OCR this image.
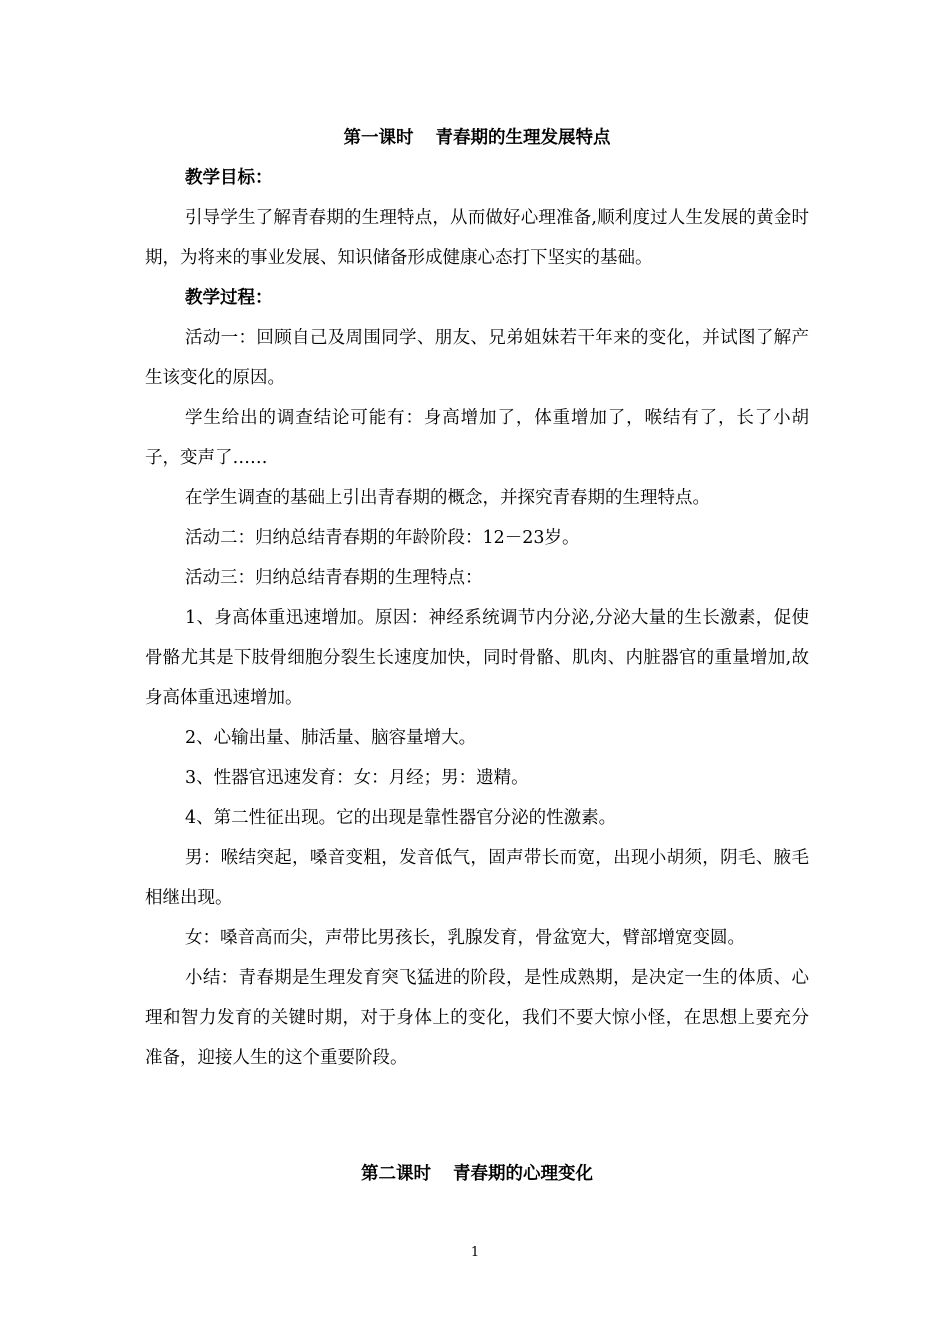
第一课时 青春期的生理发展特点

教学目标：

引导学生了解青春期的生理特点，从而做好心理准备,顺利度过人生发展的黄金时期，为将来的事业发展、知识储备形成健康心态打下坚实的基础。

教学过程：

活动一：回顾自己及周围同学、朋友、兄弟姐妹若干年来的变化，并试图了解产生该变化的原因。

学生给出的调查结论可能有：身高增加了，体重增加了，喉结有了，长了小胡子，变声了……

在学生调查的基础上引出青春期的概念，并探究青春期的生理特点。

活动二：归纳总结青春期的年龄阶段：12－23岁。

活动三：归纳总结青春期的生理特点：

1、身高体重迅速增加。原因：神经系统调节内分泌,分泌大量的生长激素，促使骨骼尤其是下肢骨细胞分裂生长速度加快，同时骨骼、肌肉、内脏器官的重量增加,故身高体重迅速增加。

2、心输出量、肺活量、脑容量增大。

3、性器官迅速发育：女：月经；男：遗精。

4、第二性征出现。它的出现是靠性器官分泌的性激素。

男：喉结突起，嗓音变粗，发音低气，固声带长而宽，出现小胡须，阴毛、腋毛相继出现。

女：嗓音高而尖，声带比男孩长，乳腺发育，骨盆宽大，臂部增宽变圆。

小结：青春期是生理发育突飞猛进的阶段，是性成熟期，是决定一生的体质、心理和智力发育的关键时期，对于身体上的变化，我们不要大惊小怪，在思想上要充分准备，迎接人生的这个重要阶段。

第二课时 青春期的心理变化

1
